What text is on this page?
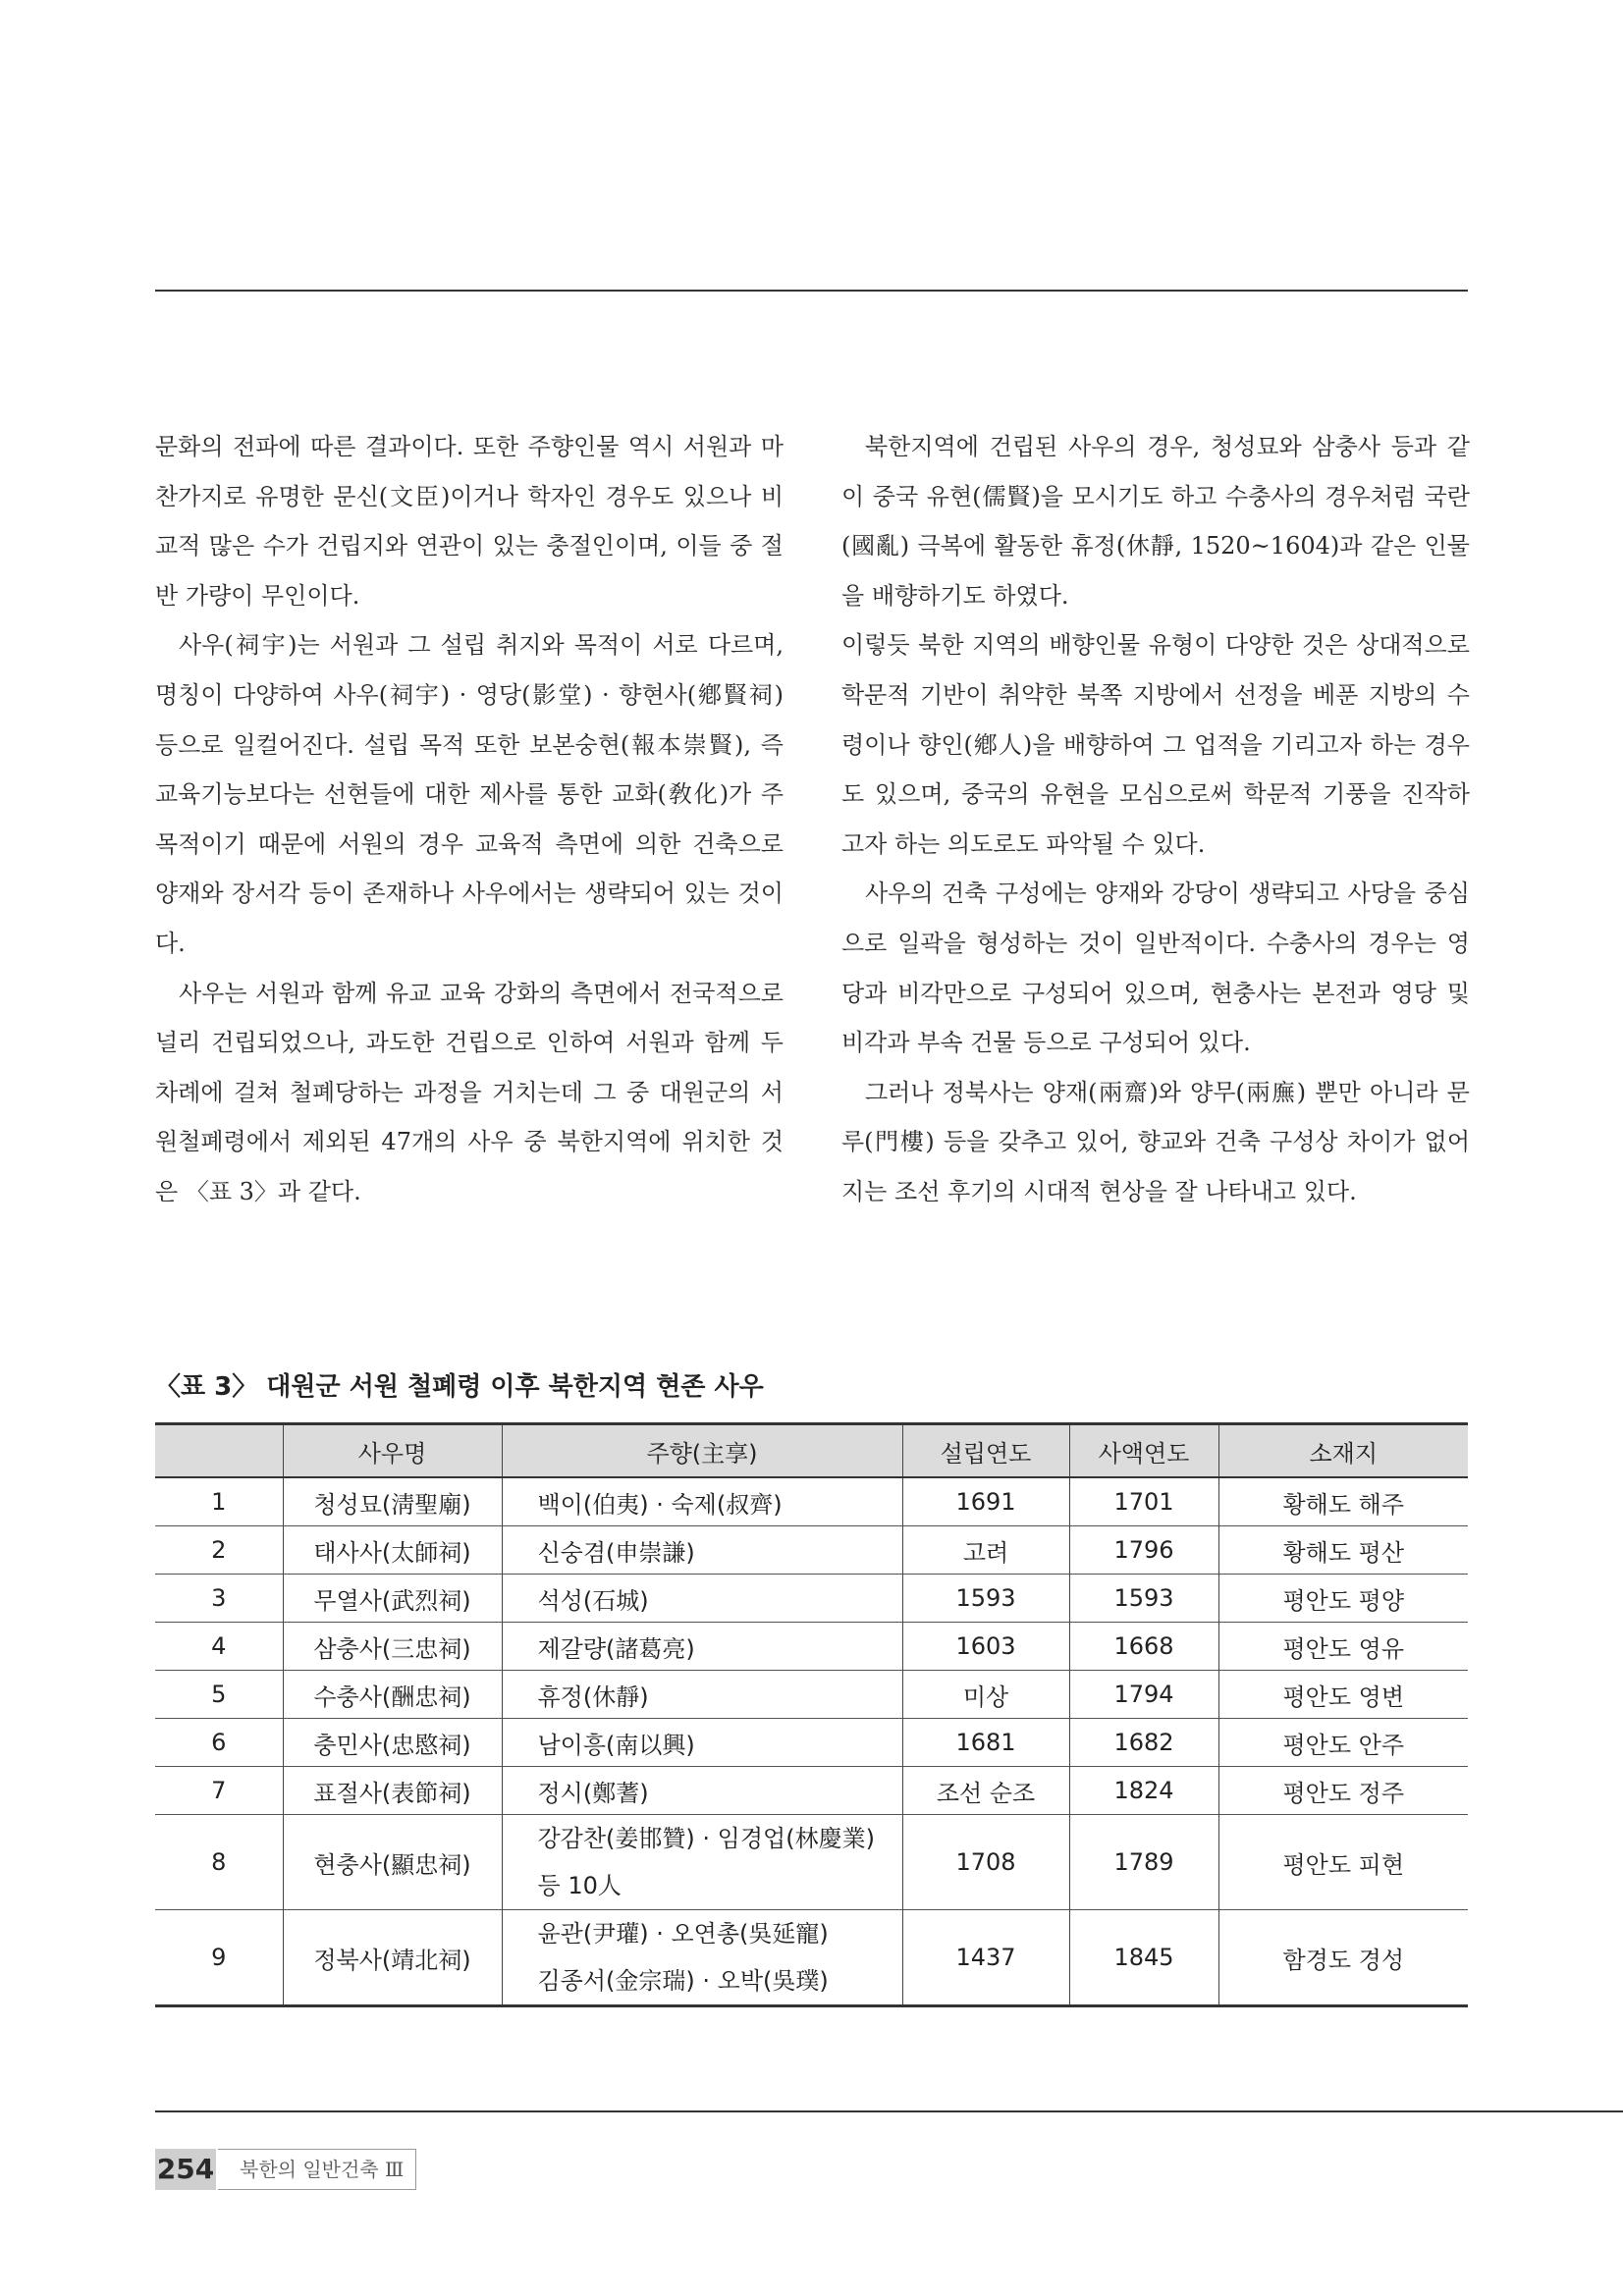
문화의 전파에 따른 결과이다. 또한 주향인물 역시 서원과 마찬가지로 유명한 문신(文臣)이거나 학자인 경우도 있으나 비교적 많은 수가 건립지와 연관이 있는 충절인이며, 이들 중 절반 가량이 무인이다.

사우(祠宇)는 서원과 그 설립 취지와 목적이 서로 다르며, 명칭이 다양하여 사우(祠宇) · 영당(影堂) · 향현사(鄕賢祠) 등으로 일컬어진다. 설립 목적 또한 보본숭현(報本崇賢), 즉 교육기능보다는 선현들에 대한 제사를 통한 교화(敎化)가 주목적이기 때문에 서원의 경우 교육적 측면에 의한 건축으로 양재와 장서각 등이 존재하나 사우에서는 생략되어 있는 것이다.

사우는 서원과 함께 유교 교육 강화의 측면에서 전국적으로 널리 건립되었으나, 과도한 건립으로 인하여 서원과 함께 두 차례에 걸쳐 철폐당하는 과정을 거치는데 그 중 대원군의 서원철폐령에서 제외된 47개의 사우 중 북한지역에 위치한 것은 〈표 3〉과 같다.

북한지역에 건립된 사우의 경우, 청성묘와 삼충사 등과 같이 중국 유현(儒賢)을 모시기도 하고 수충사의 경우처럼 국란(國亂) 극복에 활동한 휴정(休靜, 1520~1604)과 같은 인물을 배향하기도 하였다.

이렇듯 북한 지역의 배향인물 유형이 다양한 것은 상대적으로 학문적 기반이 취약한 북쪽 지방에서 선정을 베푼 지방의 수령이나 향인(鄕人)을 배향하여 그 업적을 기리고자 하는 경우도 있으며, 중국의 유현을 모심으로써 학문적 기풍을 진작하고자 하는 의도로도 파악될 수 있다.

사우의 건축 구성에는 양재와 강당이 생략되고 사당을 중심으로 일곽을 형성하는 것이 일반적이다. 수충사의 경우는 영당과 비각만으로 구성되어 있으며, 현충사는 본전과 영당 및 비각과 부속 건물 등으로 구성되어 있다.

그러나 정북사는 양재(兩齋)와 양무(兩廡) 뿐만 아니라 문루(門樓) 등을 갖추고 있어, 향교와 건축 구성상 차이가 없어지는 조선 후기의 시대적 현상을 잘 나타내고 있다.

〈표 3〉 대원군 서원 철폐령 이후 북한지역 현존 사우
	사우명	주향(主享)	설립연도	사액연도	소재지
1	청성묘(淸聖廟)	백이(伯夷) · 숙제(叔齊)	1691	1701	황해도 해주
2	태사사(太師祠)	신숭겸(申崇謙)	고려	1796	황해도 평산
3	무열사(武烈祠)	석성(石城)	1593	1593	평안도 평양
4	삼충사(三忠祠)	제갈량(諸葛亮)	1603	1668	평안도 영유
5	수충사(酬忠祠)	휴정(休靜)	미상	1794	평안도 영변
6	충민사(忠愍祠)	남이흥(南以興)	1681	1682	평안도 안주
7	표절사(表節祠)	정시(鄭蓍)	조선 순조	1824	평안도 정주
8	현충사(顯忠祠)	강감찬(姜邯贊) · 임경업(林慶業)
등 10人	1708	1789	평안도 피현
9	정북사(靖北祠)	윤관(尹瓘) · 오연총(吳延寵)
김종서(金宗瑞) · 오박(吳璞)	1437	1845	함경도 경성
254	북한의 일반건축 Ⅲ
